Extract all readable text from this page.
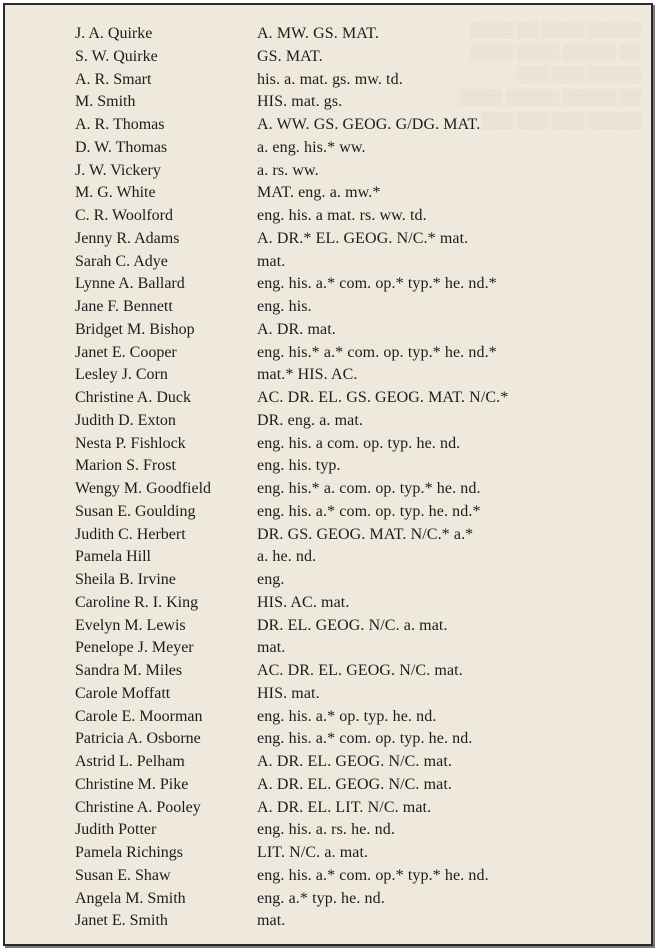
▒▒▒▒ ▒▒ ▒▒▒▒ ▒▒▒▒▒
▒▒▒▒ ▒▒▒▒ ▒▒▒▒▒ ▒▒
▒▒▒ ▒▒▒ ▒▒▒▒▒
▒▒▒▒ ▒▒▒▒▒ ▒▒▒▒▒ ▒▒
▒▒▒ ▒▒▒ ▒▒▒ ▒▒▒▒▒
J. A. Quirke	A. MW. GS. MAT.
S. W. Quirke	GS. MAT.
A. R. Smart	his. a. mat. gs. mw. td.
M. Smith	HIS. mat. gs.
A. R. Thomas	A. WW. GS. GEOG. G/DG. MAT.
D. W. Thomas	a. eng. his.* ww.
J. W. Vickery	a. rs. ww.
M. G. White	MAT. eng. a. mw.*
C. R. Woolford	eng. his. a mat. rs. ww. td.
Jenny R. Adams	A. DR.* EL. GEOG. N/C.* mat.
Sarah C. Adye	mat.
Lynne A. Ballard	eng. his. a.* com. op.* typ.* he. nd.*
Jane F. Bennett	eng. his.
Bridget M. Bishop	A. DR. mat.
Janet E. Cooper	eng. his.* a.* com. op. typ.* he. nd.*
Lesley J. Corn	mat.* HIS. AC.
Christine A. Duck	AC. DR. EL. GS. GEOG. MAT. N/C.*
Judith D. Exton	DR. eng. a. mat.
Nesta P. Fishlock	eng. his. a com. op. typ. he. nd.
Marion S. Frost	eng. his. typ.
Wengy M. Goodfield	eng. his.* a. com. op. typ.* he. nd.
Susan E. Goulding	eng. his. a.* com. op. typ. he. nd.*
Judith C. Herbert	DR. GS. GEOG. MAT. N/C.* a.*
Pamela Hill	a. he. nd.
Sheila B. Irvine	eng.
Caroline R. I. King	HIS. AC. mat.
Evelyn M. Lewis	DR. EL. GEOG. N/C. a. mat.
Penelope J. Meyer	mat.
Sandra M. Miles	AC. DR. EL. GEOG. N/C. mat.
Carole Moffatt	HIS. mat.
Carole E. Moorman	eng. his. a.* op. typ. he. nd.
Patricia A. Osborne	eng. his. a.* com. op. typ. he. nd.
Astrid L. Pelham	A. DR. EL. GEOG. N/C. mat.
Christine M. Pike	A. DR. EL. GEOG. N/C. mat.
Christine A. Pooley	A. DR. EL. LIT. N/C. mat.
Judith Potter	eng. his. a. rs. he. nd.
Pamela Richings	LIT. N/C. a. mat.
Susan E. Shaw	eng. his. a.* com. op.* typ.* he. nd.
Angela M. Smith	eng. a.* typ. he. nd.
Janet E. Smith	mat.
